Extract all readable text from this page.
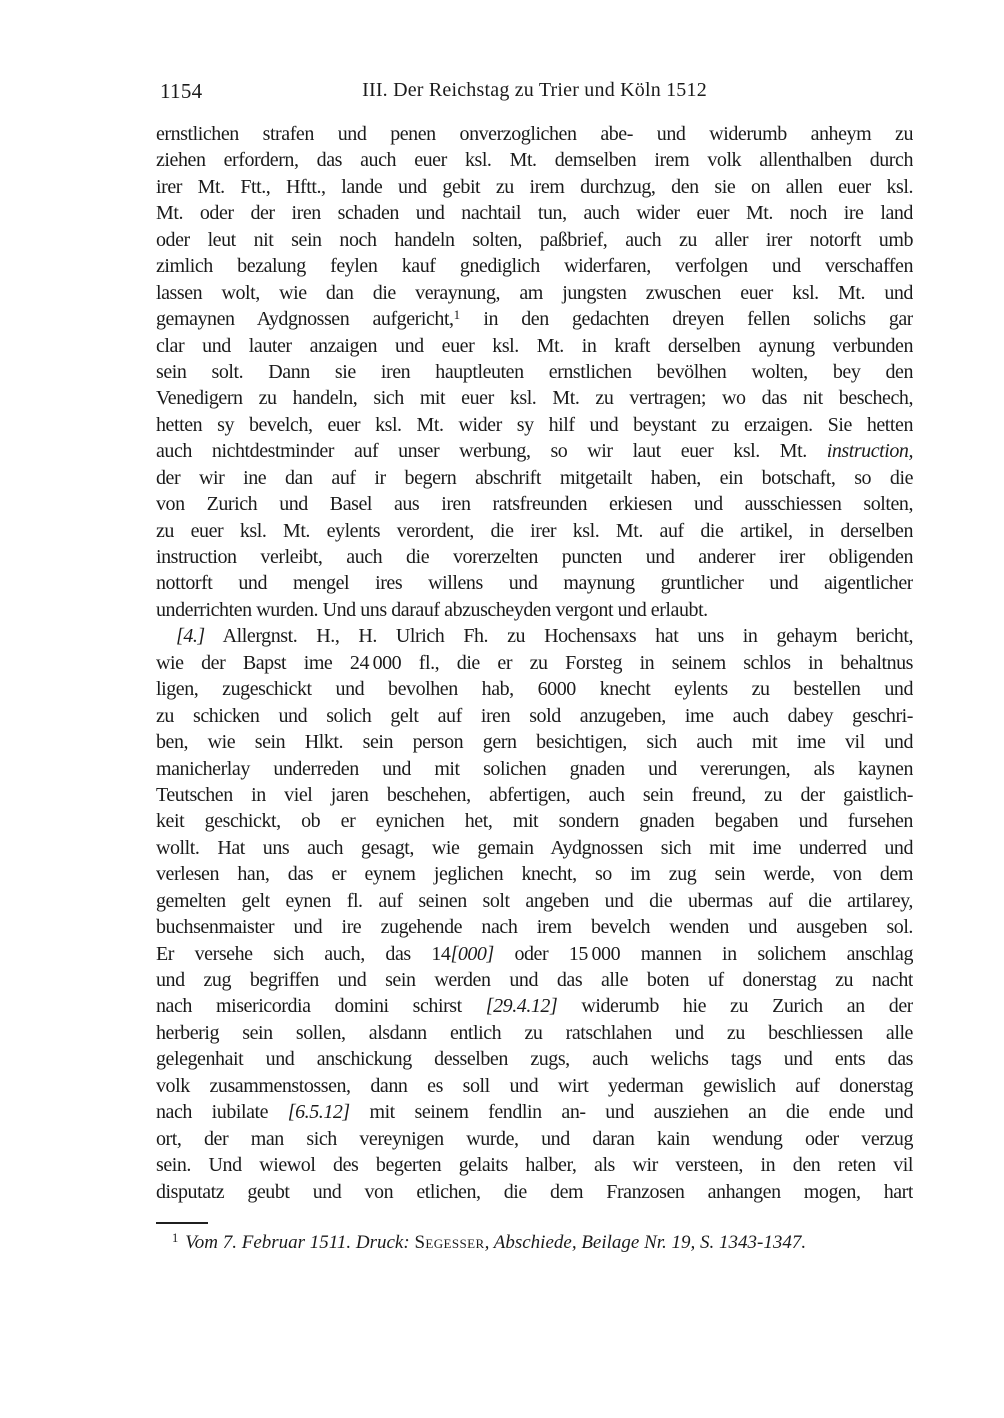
1154	III. Der Reichstag zu Trier und Köln 1512
ernstlichen strafen und penen onverzoglichen abe- und widerumb anheym zu
ziehen erfordern, das auch euer ksl. Mt. demselben irem volk allenthalben durch
irer Mt. Ftt., Hftt., lande und gebit zu irem durchzug, den sie on allen euer ksl.
Mt. oder der iren schaden und nachtail tun, auch wider euer Mt. noch ire land
oder leut nit sein noch handeln solten, paßbrief, auch zu aller irer notorft umb
zimlich bezalung feylen kauf gnediglich widerfaren, verfolgen und verschaffen
lassen wolt, wie dan die veraynung, am jungsten zwuschen euer ksl. Mt. und
gemaynen Aydgnossen aufgericht,$^1$ in den gedachten dreyen fellen solichs gar
clar und lauter anzaigen und euer ksl. Mt. in kraft derselben aynung verbunden
sein solt. Dann sie iren hauptleuten ernstlichen bevölhen wolten, bey den
Venedigern zu handeln, sich mit euer ksl. Mt. zu vertragen; wo das nit beschech,
hetten sy bevelch, euer ksl. Mt. wider sy hilf und beystant zu erzaigen. Sie hetten
auch nichtdestminder auf unser werbung, so wir laut euer ksl. Mt. instruction,
der wir ine dan auf ir begern abschrift mitgetailt haben, ein botschaft, so die
von Zurich und Basel aus iren ratsfreunden erkiesen und ausschiessen solten,
zu euer ksl. Mt. eylents verordent, die irer ksl. Mt. auf die artikel, in derselben
instruction verleibt, auch die vorerzelten puncten und anderer irer obligenden
nottorft und mengel ires willens und maynung gruntlicher und aigentlicher
underrichten wurden. Und uns darauf abzuscheyden vergont und erlaubt.
[4.] Allergnst. H., H. Ulrich Fh. zu Hochensaxs hat uns in gehaym bericht,
wie der Bapst ime 24 000 fl., die er zu Forsteg in seinem schlos in behaltnus
ligen, zugeschickt und bevolhen hab, 6000 knecht eylents zu bestellen und
zu schicken und solich gelt auf iren sold anzugeben, ime auch dabey geschri-
ben, wie sein Hlkt. sein person gern besichtigen, sich auch mit ime vil und
manicherlay underreden und mit solichen gnaden und vererungen, als kaynen
Teutschen in viel jaren beschehen, abfertigen, auch sein freund, zu der gaistlich-
keit geschickt, ob er eynichen het, mit sondern gnaden begaben und fursehen
wollt. Hat uns auch gesagt, wie gemain Aydgnossen sich mit ime underred und
verlesen han, das er eynem jeglichen knecht, so im zug sein werde, von dem
gemelten gelt eynen fl. auf seinen solt angeben und die ubermas auf die artilarey,
buchsenmaister und ire zugehende nach irem bevelch wenden und ausgeben sol.
Er versehe sich auch, das 14[000] oder 15 000 mannen in solichem anschlag
und zug begriffen und sein werden und das alle boten uf donerstag zu nacht
nach misericordia domini schirst [29.4.12] widerumb hie zu Zurich an der
herberig sein sollen, alsdann entlich zu ratschlahen und zu beschliessen alle
gelegenhait und anschickung desselben zugs, auch welichs tags und ents das
volk zusammenstossen, dann es soll und wirt yederman gewislich auf donerstag
nach iubilate [6.5.12] mit seinem fendlin an- und ausziehen an die ende und
ort, der man sich vereynigen wurde, und daran kain wendung oder verzug
sein. Und wiewol des begerten gelaits halber, als wir versteen, in den reten vil
disputatz geubt und von etlichen, die dem Franzosen anhangen mogen, hart
$^1$ Vom 7. Februar 1511. Druck: Segesser, Abschiede, Beilage Nr. 19, S. 1343-1347.
